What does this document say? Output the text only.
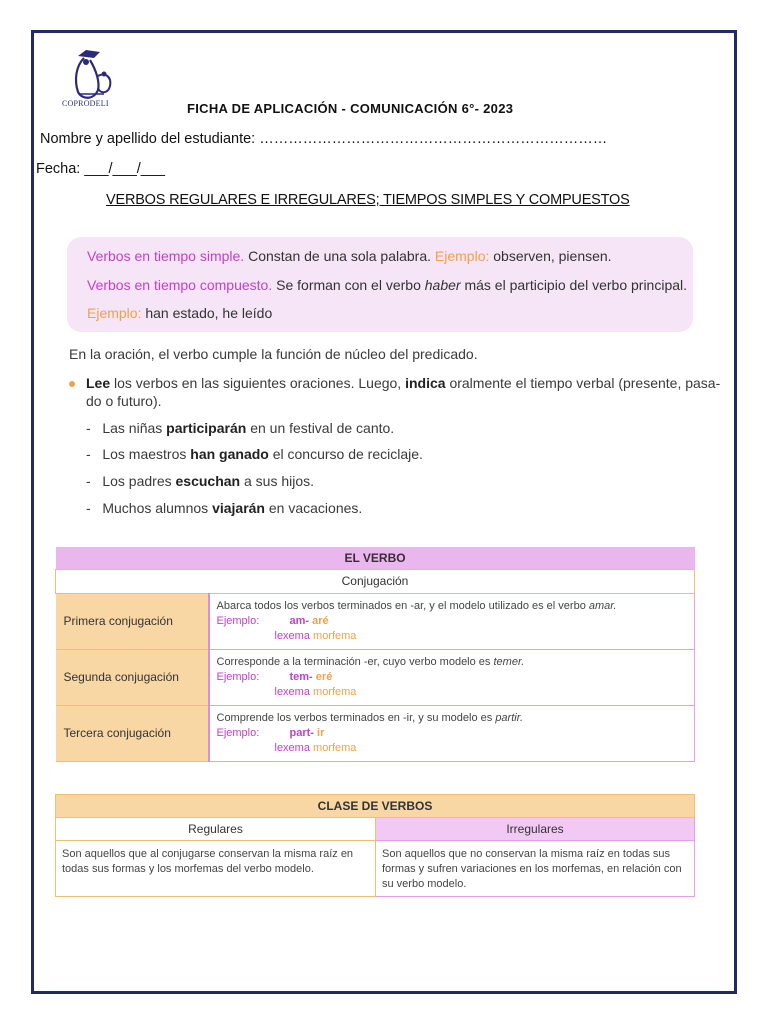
COPRODELI	FICHA DE APLICACIÓN - COMUNICACIÓN 6°- 2023
Nombre y apellido del estudiante: ………………………………………………………………
Fecha: ___/___/___
VERBOS REGULARES E IRREGULARES; TIEMPOS SIMPLES Y COMPUESTOS
Verbos en tiempo simple. Constan de una sola palabra. Ejemplo: observen, piensen.
Verbos en tiempo compuesto. Se forman con el verbo haber más el participio del verbo principal.
Ejemplo: han estado, he leído
En la oración, el verbo cumple la función de núcleo del predicado.
Lee los verbos en las siguientes oraciones. Luego, indica oralmente el tiempo verbal (presente, pasa-
do o futuro).
- Las niñas participarán en un festival de canto.
- Los maestros han ganado el concurso de reciclaje.
- Los padres escuchan a sus hijos.
- Muchos alumnos viajarán en vacaciones.
EL VERBO	
Conjugación	
Primera conjugación	Abarca todos los verbos terminados en -ar, y el modelo utilizado es el verbo amar.
Ejemplo: am-
aré
lexema morfema

Segunda conjugación	Corresponde a la terminación -er, cuyo verbo modelo es temer.
Ejemplo: tem-
eré
lexema morfema

Tercera conjugación	Comprende los verbos terminados en -ir, y su modelo es partir.
Ejemplo: part-
ir
lexema morfema
CLASE DE VERBOS	
Regulares	Irregulares
Son aquellos que al conjugarse conservan la misma raíz en todas sus formas y los morfemas del verbo modelo.	Son aquellos que no conservan la misma raíz en todas sus formas y sufren variaciones en los morfemas, en relación con su verbo modelo.
